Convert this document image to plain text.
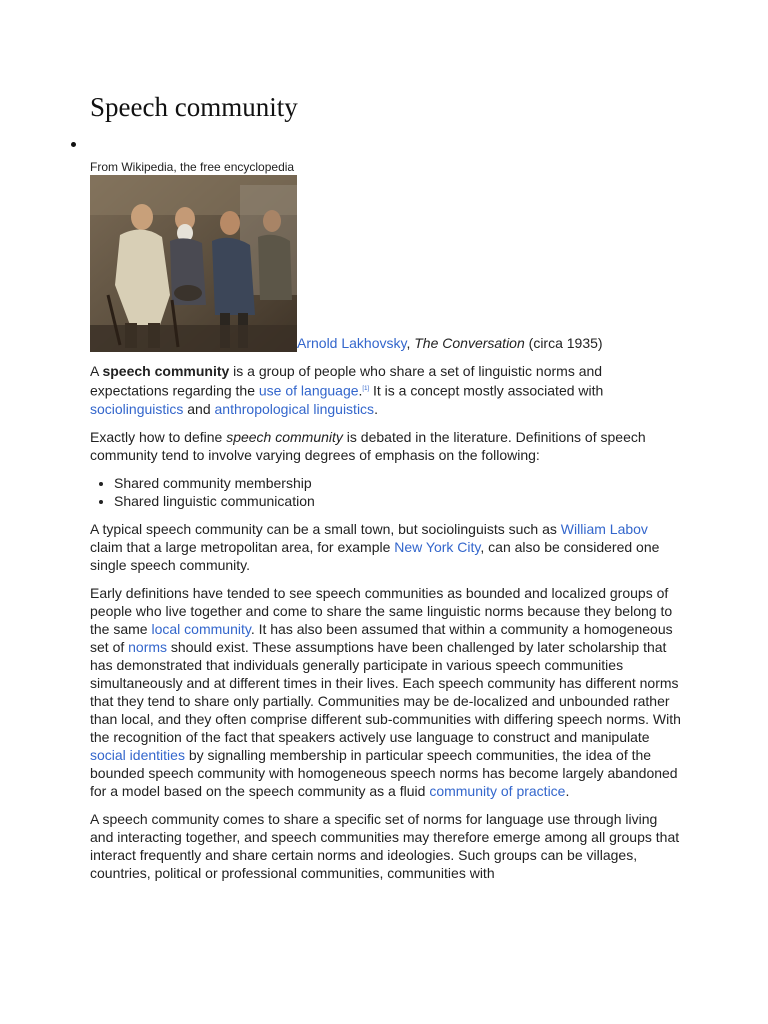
Speech community
From Wikipedia, the free encyclopedia
Arnold Lakhovsky, The Conversation (circa 1935)

A speech community is a group of people who share a set of linguistic norms and expectations regarding the use of language.[1] It is a concept mostly associated with sociolinguistics and anthropological linguistics.

Exactly how to define speech community is debated in the literature. Definitions of speech community tend to involve varying degrees of emphasis on the following:

• Shared community membership
• Shared linguistic communication

A typical speech community can be a small town, but sociolinguists such as William Labov claim that a large metropolitan area, for example New York City, can also be considered one single speech community.

Early definitions have tended to see speech communities as bounded and localized groups of people who live together and come to share the same linguistic norms because they belong to the same local community. It has also been assumed that within a community a homogeneous set of norms should exist. These assumptions have been challenged by later scholarship that has demonstrated that individuals generally participate in various speech communities simultaneously and at different times in their lives. Each speech community has different norms that they tend to share only partially. Communities may be de-localized and unbounded rather than local, and they often comprise different sub-communities with differing speech norms. With the recognition of the fact that speakers actively use language to construct and manipulate social identities by signalling membership in particular speech communities, the idea of the bounded speech community with homogeneous speech norms has become largely abandoned for a model based on the speech community as a fluid community of practice.

A speech community comes to share a specific set of norms for language use through living and interacting together, and speech communities may therefore emerge among all groups that interact frequently and share certain norms and ideologies. Such groups can be villages, countries, political or professional communities, communities with
